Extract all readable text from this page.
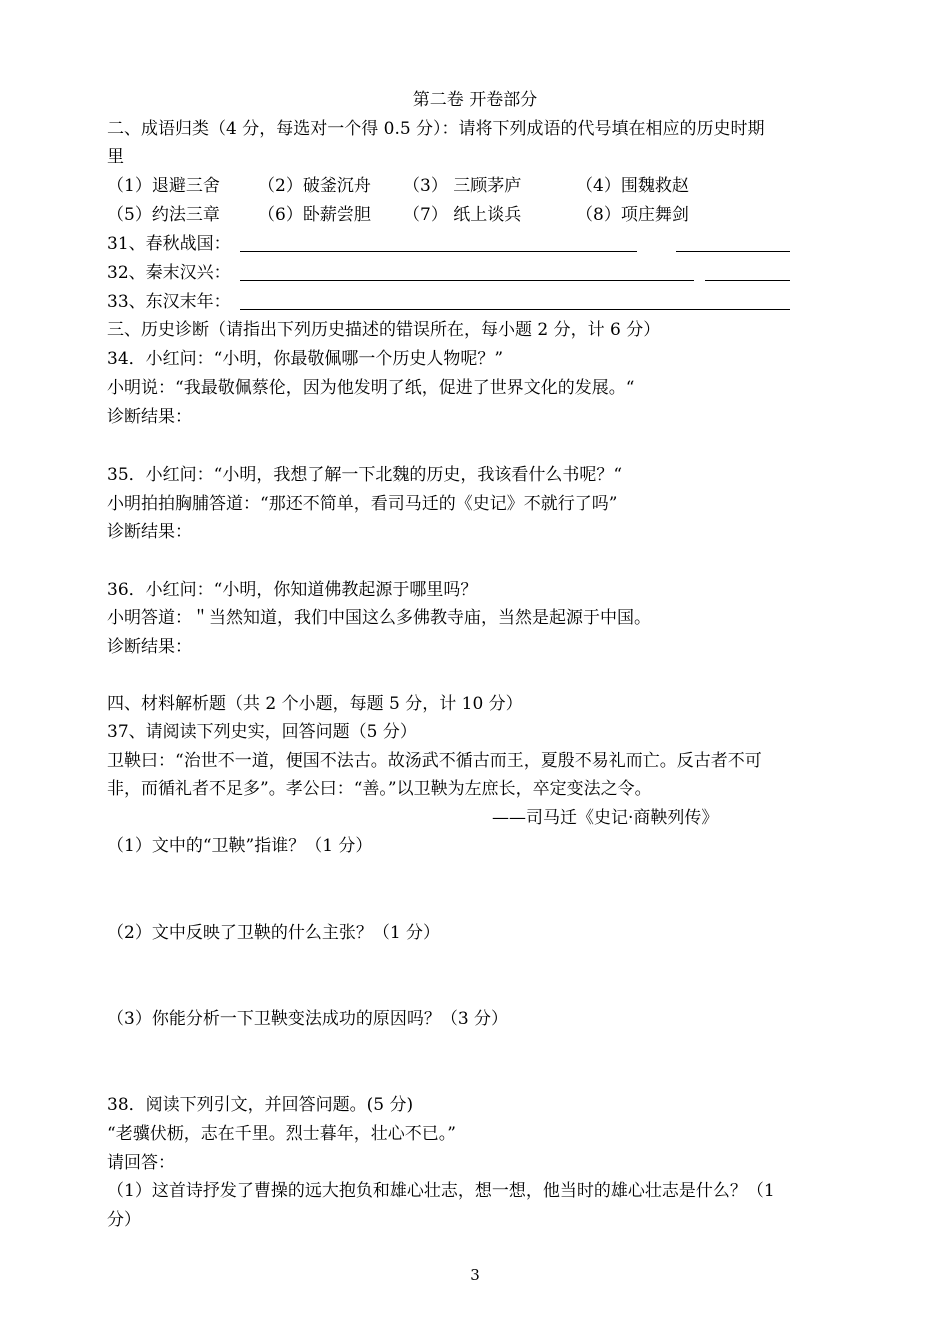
第二卷 开卷部分
二、成语归类（4 分，每选对一个得 0.5 分）：请将下列成语的代号填在相应的历史时期
里
（1）退避三舍 （2）破釜沉舟 （3） 三顾茅庐	（4）围魏救赵
（5）约法三章 （6）卧薪尝胆 （7） 纸上谈兵	（8）项庄舞剑
31、春秋战国：
32、秦末汉兴：
33、东汉末年：
三、历史诊断（请指出下列历史描述的错误所在，每小题 2 分，计 6 分）
34．小红问：“小明，你最敬佩哪一个历史人物呢？”
小明说：“我最敬佩蔡伦，因为他发明了纸，促进了世界文化的发展。“
诊断结果：
35．小红问：“小明，我想了解一下北魏的历史，我该看什么书呢？“
小明拍拍胸脯答道：“那还不简单，看司马迁的《史记》不就行了吗”
诊断结果：
36．小红问：“小明，你知道佛教起源于哪里吗？
小明答道：＂当然知道，我们中国这么多佛教寺庙，当然是起源于中国。
诊断结果：
四、材料解析题（共 2 个小题，每题 5 分，计 10 分）
37、请阅读下列史实，回答问题（5 分）
卫鞅曰：“治世不一道，便国不法古。故汤武不循古而王，夏殷不易礼而亡。反古者不可
非，而循礼者不足多”。孝公曰：“善。”以卫鞅为左庶长，卒定变法之令。
——司马迁《史记·商鞅列传》
（1）文中的“卫鞅”指谁？（1 分）
（2）文中反映了卫鞅的什么主张？（1 分）
（3）你能分析一下卫鞅变法成功的原因吗？（3 分）
38．阅读下列引文，并回答问题。(5 分)
“老骥伏枥，志在千里。烈士暮年，壮心不已。”
请回答：
（1）这首诗抒发了曹操的远大抱负和雄心壮志，想一想，他当时的雄心壮志是什么？（1
分）
3
